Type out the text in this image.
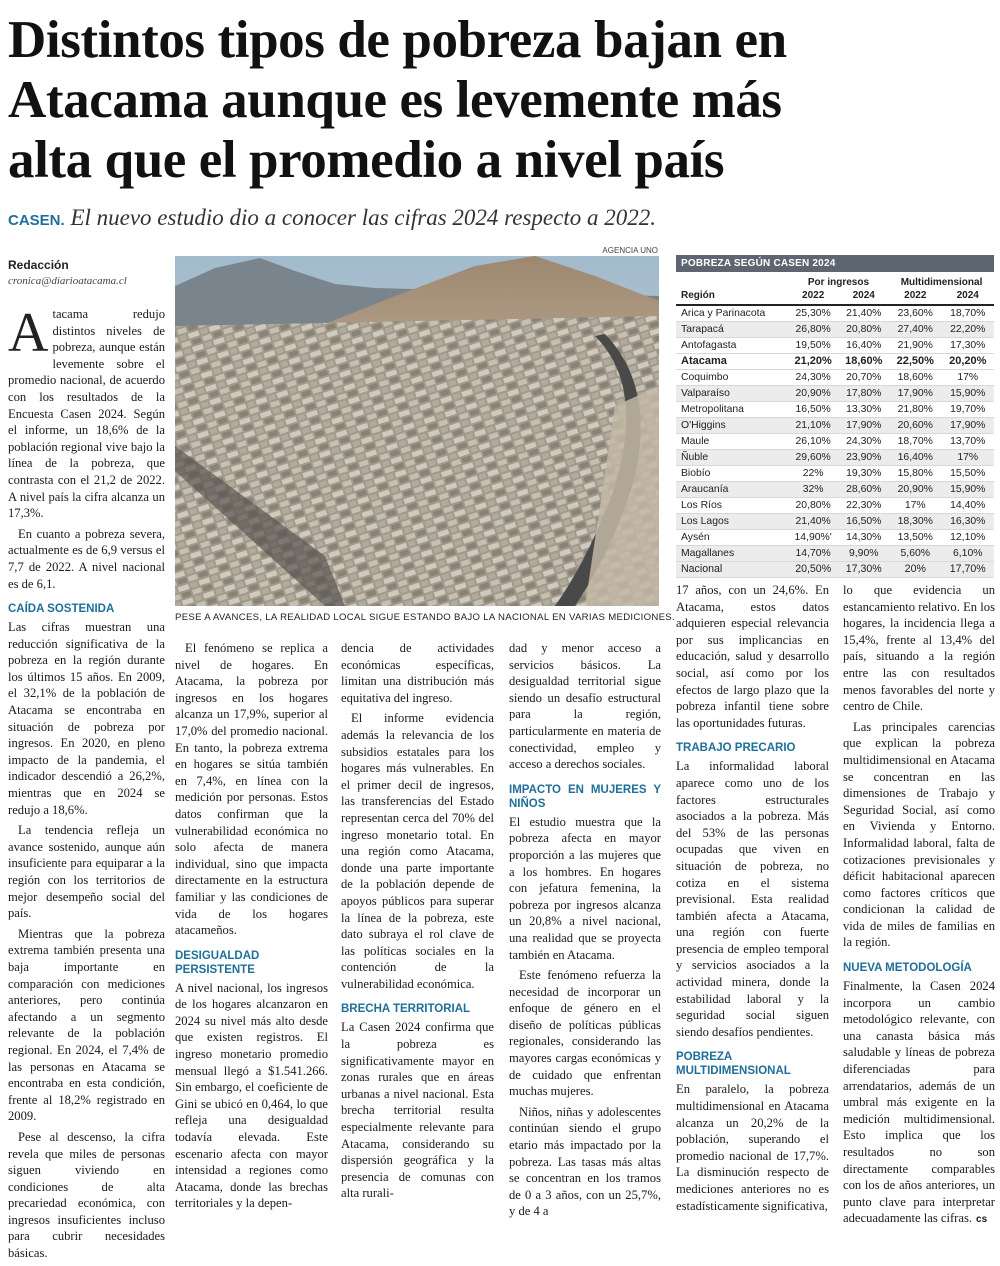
Distintos tipos de pobreza bajan en
Atacama aunque es levemente más
alta que el promedio a nivel país
CASEN. El nuevo estudio dio a conocer las cifras 2024 respecto a 2022.
Redacción
cronica@diarioatacama.cl

Atacama redujo distintos niveles de pobreza, aunque están levemente sobre el promedio nacional, de acuerdo con los resultados de la Encuesta Casen 2024. Según el informe, un 18,6% de la población regional vive bajo la línea de la pobreza, que contrasta con el 21,2 de 2022. A nivel país la cifra alcanza un 17,3%.

En cuanto a pobreza severa, actualmente es de 6,9 versus el 7,7 de 2022. A nivel nacional es de 6,1.

CAÍDA SOSTENIDA

Las cifras muestran una reducción significativa de la pobreza en la región durante los últimos 15 años. En 2009, el 32,1% de la población de Atacama se encontraba en situación de pobreza por ingresos. En 2020, en pleno impacto de la pandemia, el indicador descendió a 26,2%, mientras que en 2024 se redujo a 18,6%.

La tendencia refleja un avance sostenido, aunque aún insuficiente para equiparar a la región con los territorios de mejor desempeño social del país.

Mientras que la pobreza extrema también presenta una baja importante en comparación con mediciones anteriores, pero continúa afectando a un segmento relevante de la población regional. En 2024, el 7,4% de las personas en Atacama se encontraba en esta condición, frente al 18,2% registrado en 2009.

Pese al descenso, la cifra revela que miles de personas siguen viviendo en condiciones de alta precariedad económica, con ingresos insuficientes incluso para cubrir necesidades básicas.

AGENCIA UNO
PESE A AVANCES, LA REALIDAD LOCAL SIGUE ESTANDO BAJO LA NACIONAL EN VARIAS MEDICIONES.
POBREZA SEGÚN CASEN 2024
	Por ingresos		Multidimensional	
Región	2022	2024	2022	2024
Arica y Parinacota	25,30%	21,40%	23,60%	18,70%
Tarapacá	26,80%	20,80%	27,40%	22,20%
Antofagasta	19,50%	16,40%	21,90%	17,30%
Atacama	21,20%	18,60%	22,50%	20,20%
Coquimbo	24,30%	20,70%	18,60%	17%
Valparaíso	20,90%	17,80%	17,90%	15,90%
Metropolitana	16,50%	13,30%	21,80%	19,70%
O'Higgins	21,10%	17,90%	20,60%	17,90%
Maule	26,10%	24,30%	18,70%	13,70%
Ñuble	29,60%	23,90%	16,40%	17%
Biobío	22%	19,30%	15,80%	15,50%
Araucanía	32%	28,60%	20,90%	15,90%
Los Ríos	20,80%	22,30%	17%	14,40%
Los Lagos	21,40%	16,50%	18,30%	16,30%
Aysén	14,90%'	14,30%	13,50%	12,10%
Magallanes	14,70%	9,90%	5,60%	6,10%
Nacional	20,50%	17,30%	20%	17,70%

El fenómeno se replica a nivel de hogares. En Atacama, la pobreza por ingresos en los hogares alcanza un 17,9%, superior al 17,0% del promedio nacional. En tanto, la pobreza extrema en hogares se sitúa también en 7,4%, en línea con la medición por personas. Estos datos confirman que la vulnerabilidad económica no solo afecta de manera individual, sino que impacta directamente en la estructura familiar y las condiciones de vida de los hogares atacameños.

DESIGUALDAD PERSISTENTE

A nivel nacional, los ingresos de los hogares alcanzaron en 2024 su nivel más alto desde que existen registros. El ingreso monetario promedio mensual llegó a $1.541.266. Sin embargo, el coeficiente de Gini se ubicó en 0,464, lo que refleja una desigualdad todavía elevada. Este escenario afecta con mayor intensidad a regiones como Atacama, donde las brechas territoriales y la depen-

dencia de actividades económicas específicas, limitan una distribución más equitativa del ingreso.

El informe evidencia además la relevancia de los subsidios estatales para los hogares más vulnerables. En el primer decil de ingresos, las transferencias del Estado representan cerca del 70% del ingreso monetario total. En una región como Atacama, donde una parte importante de la población depende de apoyos públicos para superar la línea de la pobreza, este dato subraya el rol clave de las políticas sociales en la contención de la vulnerabilidad económica.

BRECHA TERRITORIAL

La Casen 2024 confirma que la pobreza es significativamente mayor en zonas rurales que en áreas urbanas a nivel nacional. Esta brecha territorial resulta especialmente relevante para Atacama, considerando su dispersión geográfica y la presencia de comunas con alta rurali-

dad y menor acceso a servicios básicos. La desigualdad territorial sigue siendo un desafío estructural para la región, particularmente en materia de conectividad, empleo y acceso a derechos sociales.

IMPACTO EN MUJERES Y NIÑOS

El estudio muestra que la pobreza afecta en mayor proporción a las mujeres que a los hombres. En hogares con jefatura femenina, la pobreza por ingresos alcanza un 20,8% a nivel nacional, una realidad que se proyecta también en Atacama.

Este fenómeno refuerza la necesidad de incorporar un enfoque de género en el diseño de políticas públicas regionales, considerando las mayores cargas económicas y de cuidado que enfrentan muchas mujeres.

Niños, niñas y adolescentes continúan siendo el grupo etario más impactado por la pobreza. Las tasas más altas se concentran en los tramos de 0 a 3 años, con un 25,7%, y de 4 a

17 años, con un 24,6%. En Atacama, estos datos adquieren especial relevancia por sus implicancias en educación, salud y desarrollo social, así como por los efectos de largo plazo que la pobreza infantil tiene sobre las oportunidades futuras.

TRABAJO PRECARIO

La informalidad laboral aparece como uno de los factores estructurales asociados a la pobreza. Más del 53% de las personas ocupadas que viven en situación de pobreza, no cotiza en el sistema previsional. Esta realidad también afecta a Atacama, una región con fuerte presencia de empleo temporal y servicios asociados a la actividad minera, donde la estabilidad laboral y la seguridad social siguen siendo desafíos pendientes.

POBREZA MULTIDIMENSIONAL

En paralelo, la pobreza multidimensional en Atacama alcanza un 20,2% de la población, superando el promedio nacional de 17,7%. La disminución respecto de mediciones anteriores no es estadísticamente significativa,

lo que evidencia un estancamiento relativo. En los hogares, la incidencia llega a 15,4%, frente al 13,4% del país, situando a la región entre las con resultados menos favorables del norte y centro de Chile.

Las principales carencias que explican la pobreza multidimensional en Atacama se concentran en las dimensiones de Trabajo y Seguridad Social, así como en Vivienda y Entorno. Informalidad laboral, falta de cotizaciones previsionales y déficit habitacional aparecen como factores críticos que condicionan la calidad de vida de miles de familias en la región.

NUEVA METODOLOGÍA

Finalmente, la Casen 2024 incorpora un cambio metodológico relevante, con una canasta básica más saludable y líneas de pobreza diferenciadas para arrendatarios, además de un umbral más exigente en la medición multidimensional. Esto implica que los resultados no son directamente comparables con los de años anteriores, un punto clave para interpretar adecuadamente las cifras. cs
